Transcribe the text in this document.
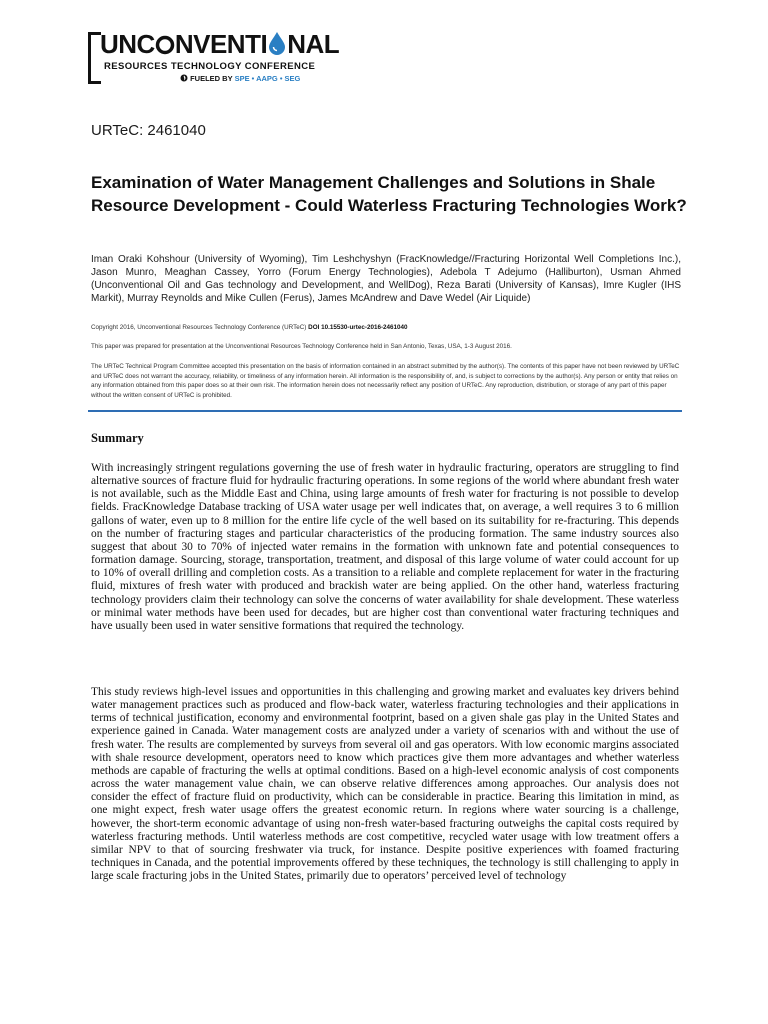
UNC NVENTI NAL
RESOURCES TECHNOLOGY CONFERENCE
FUELED BY SPE • AAPG • SEG
URTeC: 2461040
Examination of Water Management Challenges and Solutions in Shale Resource Development - Could Waterless Fracturing Technologies Work?

Iman Oraki Kohshour (University of Wyoming), Tim Leshchyshyn (FracKnowledge//Fracturing Horizontal Well Completions Inc.), Jason Munro, Meaghan Cassey, Yorro (Forum Energy Technologies), Adebola T Adejumo (Halliburton), Usman Ahmed (Unconventional Oil and Gas technology and Development, and WellDog), Reza Barati (University of Kansas), Imre Kugler (IHS Markit), Murray Reynolds and Mike Cullen (Ferus), James McAndrew and Dave Wedel (Air Liquide)

Copyright 2016, Unconventional Resources Technology Conference (URTeC) DOI 10.15530-urtec-2016-2461040

This paper was prepared for presentation at the Unconventional Resources Technology Conference held in San Antonio, Texas, USA, 1-3 August 2016.

The URTeC Technical Program Committee accepted this presentation on the basis of information contained in an abstract submitted by the author(s). The contents of this paper have not been reviewed by URTeC and URTeC does not warrant the accuracy, reliability, or timeliness of any information herein. All information is the responsibility of, and, is subject to corrections by the author(s). Any person or entity that relies on any information obtained from this paper does so at their own risk. The information herein does not necessarily reflect any position of URTeC. Any reproduction, distribution, or storage of any part of this paper without the written consent of URTeC is prohibited.

Summary

With increasingly stringent regulations governing the use of fresh water in hydraulic fracturing, operators are struggling to find alternative sources of fracture fluid for hydraulic fracturing operations. In some regions of the world where abundant fresh water is not available, such as the Middle East and China, using large amounts of fresh water for fracturing is not possible to develop fields. FracKnowledge Database tracking of USA water usage per well indicates that, on average, a well requires 3 to 6 million gallons of water, even up to 8 million for the entire life cycle of the well based on its suitability for re-fracturing. This depends on the number of fracturing stages and particular characteristics of the producing formation. The same industry sources also suggest that about 30 to 70% of injected water remains in the formation with unknown fate and potential consequences to formation damage. Sourcing, storage, transportation, treatment, and disposal of this large volume of water could account for up to 10% of overall drilling and completion costs. As a transition to a reliable and complete replacement for water in the fracturing fluid, mixtures of fresh water with produced and brackish water are being applied. On the other hand, waterless fracturing technology providers claim their technology can solve the concerns of water availability for shale development. These waterless or minimal water methods have been used for decades, but are higher cost than conventional water fracturing techniques and have usually been used in water sensitive formations that required the technology.

This study reviews high-level issues and opportunities in this challenging and growing market and evaluates key drivers behind water management practices such as produced and flow-back water, waterless fracturing technologies and their applications in terms of technical justification, economy and environmental footprint, based on a given shale gas play in the United States and experience gained in Canada. Water management costs are analyzed under a variety of scenarios with and without the use of fresh water. The results are complemented by surveys from several oil and gas operators. With low economic margins associated with shale resource development, operators need to know which practices give them more advantages and whether waterless methods are capable of fracturing the wells at optimal conditions. Based on a high-level economic analysis of cost components across the water management value chain, we can observe relative differences among approaches. Our analysis does not consider the effect of fracture fluid on productivity, which can be considerable in practice. Bearing this limitation in mind, as one might expect, fresh water usage offers the greatest economic return. In regions where water sourcing is a challenge, however, the short-term economic advantage of using non-fresh water-based fracturing outweighs the capital costs required by waterless fracturing methods. Until waterless methods are cost competitive, recycled water usage with low treatment offers a similar NPV to that of sourcing freshwater via truck, for instance. Despite positive experiences with foamed fracturing techniques in Canada, and the potential improvements offered by these techniques, the technology is still challenging to apply in large scale fracturing jobs in the United States, primarily due to operators’ perceived level of technology
